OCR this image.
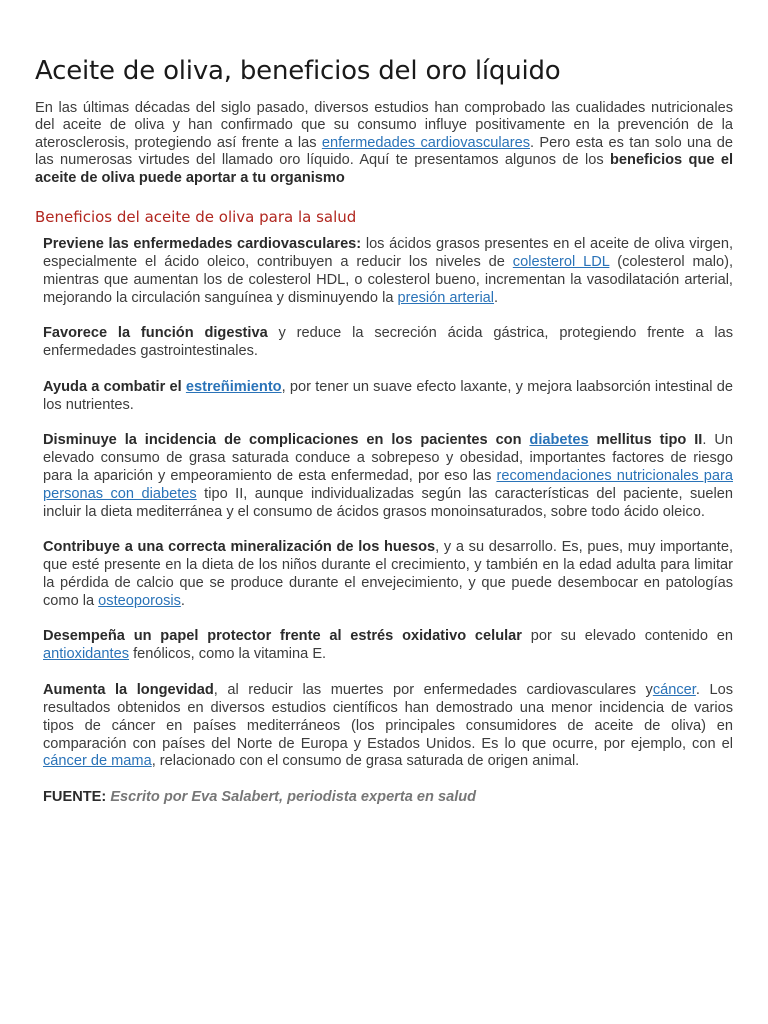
Aceite de oliva, beneficios del oro líquido

En las últimas décadas del siglo pasado, diversos estudios han comprobado las cualidades nutricionales del aceite de oliva y han confirmado que su consumo influye positivamente en la prevención de la aterosclerosis, protegiendo así frente a las enfermedades cardiovasculares. Pero esta es tan solo una de las numerosas virtudes del llamado oro líquido. Aquí te presentamos algunos de los beneficios que el aceite de oliva puede aportar a tu organismo

Beneficios del aceite de oliva para la salud

Previene las enfermedades cardiovasculares: los ácidos grasos presentes en el aceite de oliva virgen, especialmente el ácido oleico, contribuyen a reducir los niveles de colesterol LDL (colesterol malo), mientras que aumentan los de colesterol HDL, o colesterol bueno, incrementan la vasodilatación arterial, mejorando la circulación sanguínea y disminuyendo la presión arterial.

Favorece la función digestiva y reduce la secreción ácida gástrica, protegiendo frente a las enfermedades gastrointestinales.

Ayuda a combatir el estreñimiento, por tener un suave efecto laxante, y mejora laabsorción intestinal de los nutrientes.

Disminuye la incidencia de complicaciones en los pacientes con diabetes mellitus tipo II. Un elevado consumo de grasa saturada conduce a sobrepeso y obesidad, importantes factores de riesgo para la aparición y empeoramiento de esta enfermedad, por eso las recomendaciones nutricionales para personas con diabetes tipo II, aunque individualizadas según las características del paciente, suelen incluir la dieta mediterránea y el consumo de ácidos grasos monoinsaturados, sobre todo ácido oleico.

Contribuye a una correcta mineralización de los huesos, y a su desarrollo. Es, pues, muy importante, que esté presente en la dieta de los niños durante el crecimiento, y también en la edad adulta para limitar la pérdida de calcio que se produce durante el envejecimiento, y que puede desembocar en patologías como la osteoporosis.

Desempeña un papel protector frente al estrés oxidativo celular por su elevado contenido en antioxidantes fenólicos, como la vitamina E.

Aumenta la longevidad, al reducir las muertes por enfermedades cardiovasculares ycáncer. Los resultados obtenidos en diversos estudios científicos han demostrado una menor incidencia de varios tipos de cáncer en países mediterráneos (los principales consumidores de aceite de oliva) en comparación con países del Norte de Europa y Estados Unidos. Es lo que ocurre, por ejemplo, con el cáncer de mama, relacionado con el consumo de grasa saturada de origen animal.

FUENTE: Escrito por Eva Salabert, periodista experta en salud
